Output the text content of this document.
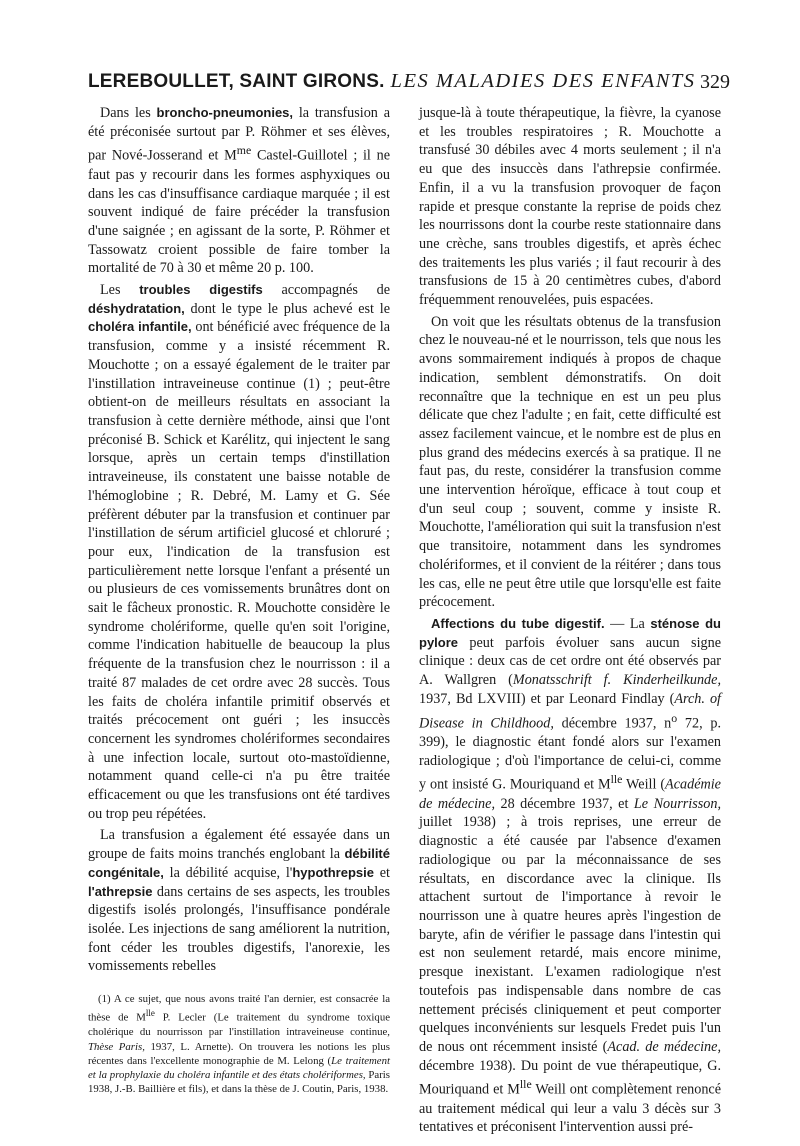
LEREBOULLET, SAINT GIRONS. LES MALADIES DES ENFANTS 329

Dans les broncho-pneumonies, la transfusion a été préconisée surtout par P. Röhmer et ses élèves, par Nové-Josserand et $M^{me}$ Castel-Guillotel ; il ne faut pas y recourir dans les formes asphyxiques ou dans les cas d'insuffisance cardiaque marquée ; il est souvent indiqué de faire précéder la transfusion d'une saignée ; en agissant de la sorte, P. Röhmer et Tassowatz croient possible de faire tomber la mortalité de 70 à 30 et même 20 p. 100.

Les troubles digestifs accompagnés de déshydratation, dont le type le plus achevé est le choléra infantile, ont bénéficié avec fréquence de la transfusion, comme y a insisté récemment R. Mouchotte ; on a essayé également de le traiter par l'instillation intraveineuse continue (1) ; peut-être obtient-on de meilleurs résultats en associant la transfusion à cette dernière méthode, ainsi que l'ont préconisé B. Schick et Karélitz, qui injectent le sang lorsque, après un certain temps d'instillation intraveineuse, ils constatent une baisse notable de l'hémoglobine ; R. Debré, M. Lamy et G. Sée préfèrent débuter par la transfusion et continuer par l'instillation de sérum artificiel glucosé et chloruré ; pour eux, l'indication de la transfusion est particulièrement nette lorsque l'enfant a présenté un ou plusieurs de ces vomissements brunâtres dont on sait le fâcheux pronostic. R. Mouchotte considère le syndrome cholériforme, quelle qu'en soit l'origine, comme l'indication habituelle de beaucoup la plus fréquente de la transfusion chez le nourrisson : il a traité 87 malades de cet ordre avec 28 succès. Tous les faits de choléra infantile primitif observés et traités précocement ont guéri ; les insuccès concernent les syndromes cholériformes secondaires à une infection locale, surtout oto-mastoïdienne, notamment quand celle-ci n'a pu être traitée efficacement ou que les transfusions ont été tardives ou trop peu répétées.

La transfusion a également été essayée dans un groupe de faits moins tranchés englobant la débilité congénitale, la débilité acquise, l'hypothrepsie et l'athrepsie dans certains de ses aspects, les troubles digestifs isolés prolongés, l'insuffisance pondérale isolée. Les injections de sang améliorent la nutrition, font céder les troubles digestifs, l'anorexie, les vomissements rebelles

(1) A ce sujet, que nous avons traité l'an dernier, est consacrée la thèse de $M^{lle}$ P. Lecler (Le traitement du syndrome toxique cholérique du nourrisson par l'instillation intraveineuse continue, Thèse Paris, 1937, L. Arnette). On trouvera les notions les plus récentes dans l'excellente monographie de M. Lelong (Le traitement et la prophylaxie du choléra infantile et des états cholériformes, Paris 1938, J.-B. Baillière et fils), et dans la thèse de J. Coutin, Paris, 1938.

jusque-là à toute thérapeutique, la fièvre, la cyanose et les troubles respiratoires ; R. Mouchotte a transfusé 30 débiles avec 4 morts seulement ; il n'a eu que des insuccès dans l'athrepsie confirmée. Enfin, il a vu la transfusion provoquer de façon rapide et presque constante la reprise de poids chez les nourrissons dont la courbe reste stationnaire dans une crèche, sans troubles digestifs, et après échec des traitements les plus variés ; il faut recourir à des transfusions de 15 à 20 centimètres cubes, d'abord fréquemment renouvelées, puis espacées.

On voit que les résultats obtenus de la transfusion chez le nouveau-né et le nourrisson, tels que nous les avons sommairement indiqués à propos de chaque indication, semblent démonstratifs. On doit reconnaître que la technique en est un peu plus délicate que chez l'adulte ; en fait, cette difficulté est assez facilement vaincue, et le nombre est de plus en plus grand des médecins exercés à sa pratique. Il ne faut pas, du reste, considérer la transfusion comme une intervention héroïque, efficace à tout coup et d'un seul coup ; souvent, comme y insiste R. Mouchotte, l'amélioration qui suit la transfusion n'est que transitoire, notamment dans les syndromes cholériformes, et il convient de la réitérer ; dans tous les cas, elle ne peut être utile que lorsqu'elle est faite précocement.

Affections du tube digestif. — La sténose du pylore peut parfois évoluer sans aucun signe clinique : deux cas de cet ordre ont été observés par A. Wallgren (Monatsschrift f. Kinderheilkunde, 1937, Bd LXVIII) et par Leonard Findlay (Arch. of Disease in Childhood, décembre 1937, $n^o$ 72, p. 399), le diagnostic étant fondé alors sur l'examen radiologique ; d'où l'importance de celui-ci, comme y ont insisté G. Mouriquand et $M^{lle}$ Weill (Académie de médecine, 28 décembre 1937, et Le Nourrisson, juillet 1938) ; à trois reprises, une erreur de diagnostic a été causée par l'absence d'examen radiologique ou par la méconnaissance de ses résultats, en discordance avec la clinique. Ils attachent surtout de l'importance à revoir le nourrisson une à quatre heures après l'ingestion de baryte, afin de vérifier le passage dans l'intestin qui est non seulement retardé, mais encore minime, presque inexistant. L'examen radiologique n'est toutefois pas indispensable dans nombre de cas nettement précisés cliniquement et peut comporter quelques inconvénients sur lesquels Fredet puis l'un de nous ont récemment insisté (Acad. de médecine, décembre 1938). Du point de vue thérapeutique, G. Mouriquand et $M^{lle}$ Weill ont complètement renoncé au traitement médical qui leur a valu 3 décès sur 3 tentatives et préconisent l'intervention aussi pré-
